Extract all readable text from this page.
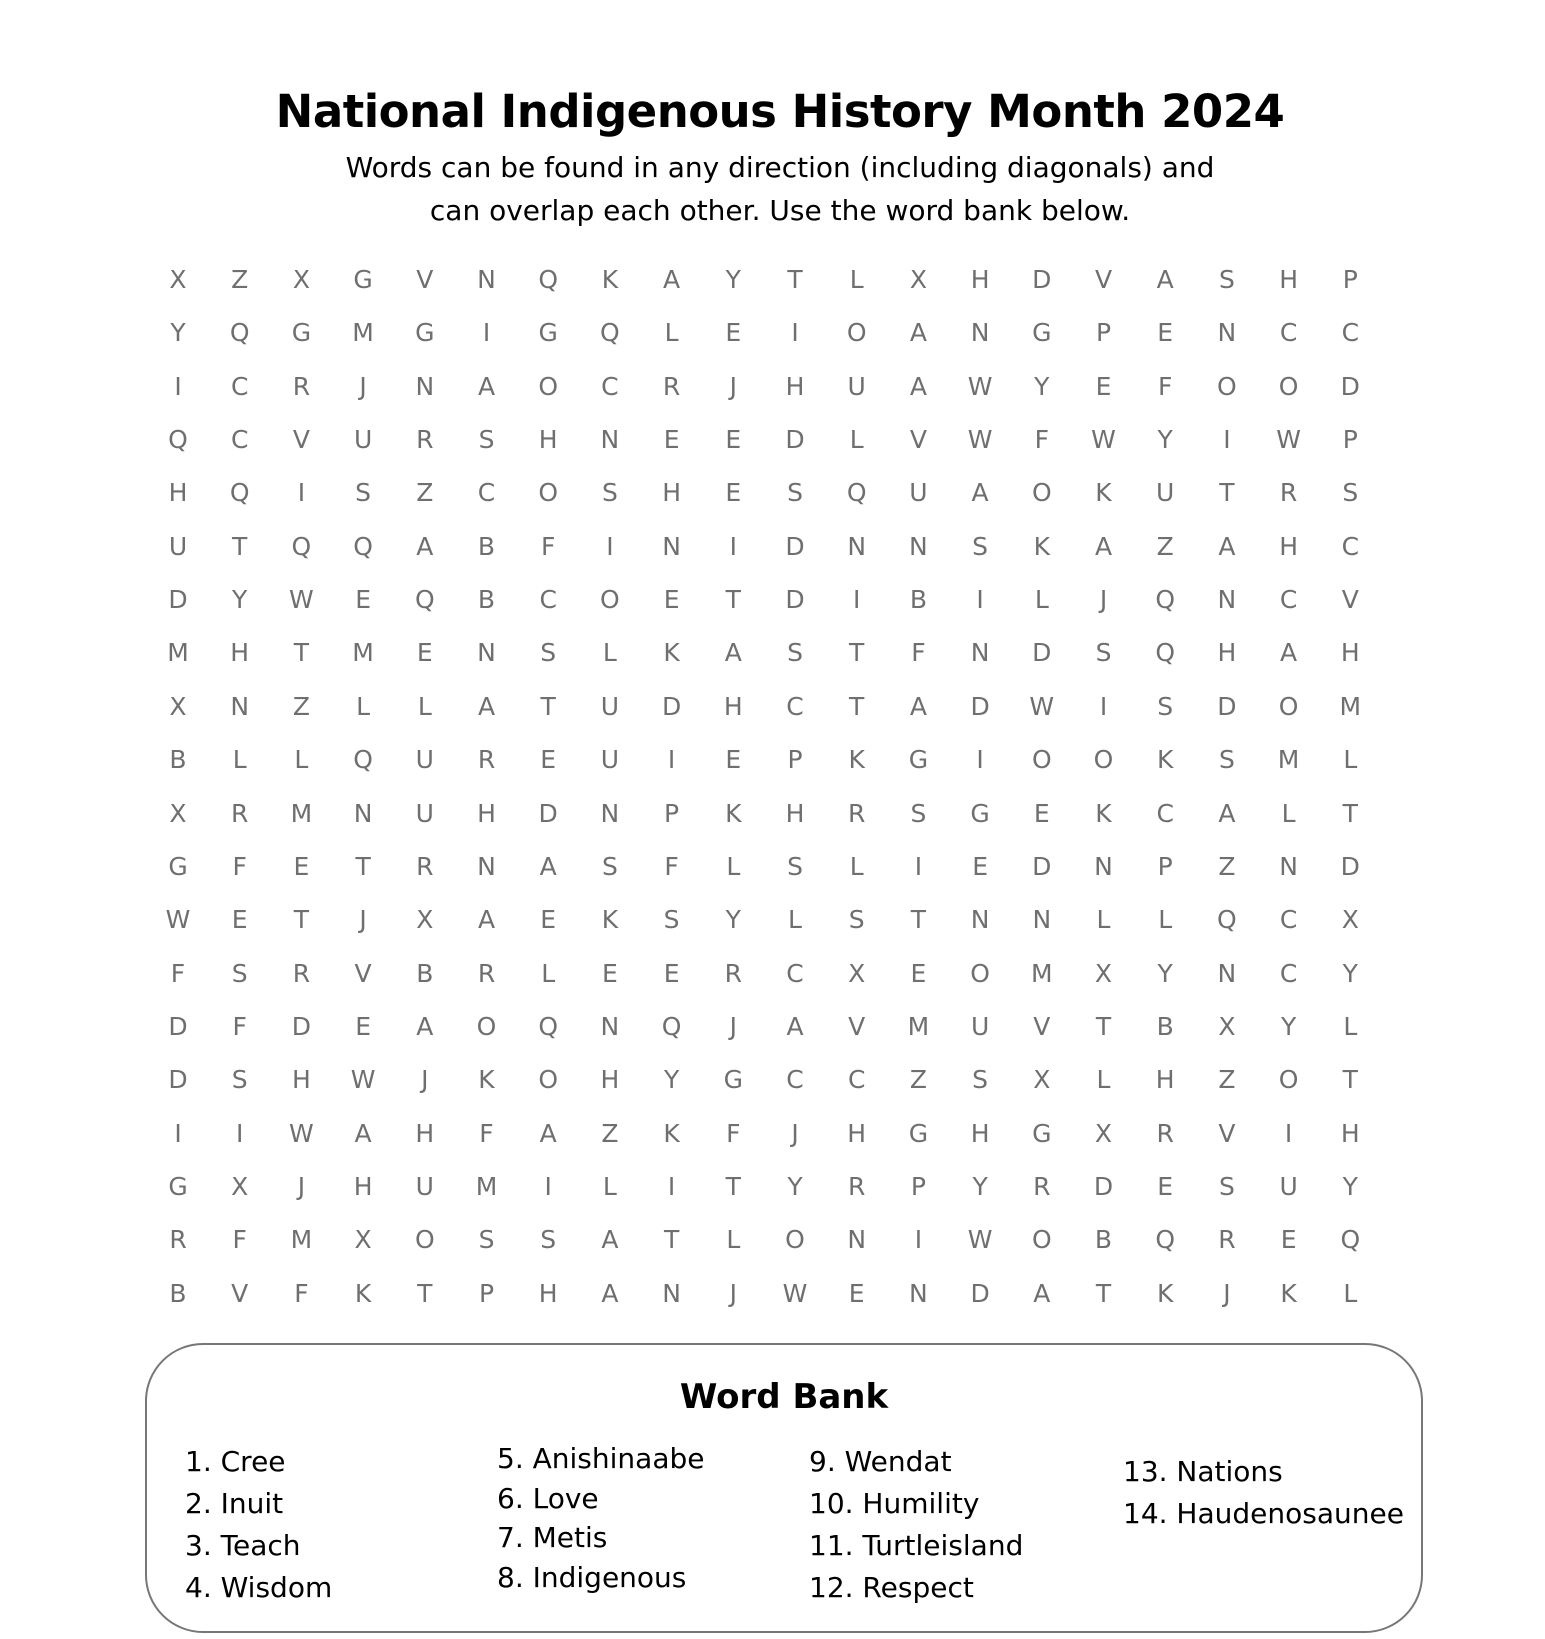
National Indigenous History Month 2024
Words can be found in any direction (including diagonals) and
can overlap each other. Use the word bank below.
X	Z	X	G	V	N	Q	K	A	Y	T	L	X	H	D	V	A	S	H	P
Y	Q	G	M	G	I	G	Q	L	E	I	O	A	N	G	P	E	N	C	C
I	C	R	J	N	A	O	C	R	J	H	U	A	W	Y	E	F	O	O	D
Q	C	V	U	R	S	H	N	E	E	D	L	V	W	F	W	Y	I	W	P
H	Q	I	S	Z	C	O	S	H	E	S	Q	U	A	O	K	U	T	R	S
U	T	Q	Q	A	B	F	I	N	I	D	N	N	S	K	A	Z	A	H	C
D	Y	W	E	Q	B	C	O	E	T	D	I	B	I	L	J	Q	N	C	V
M	H	T	M	E	N	S	L	K	A	S	T	F	N	D	S	Q	H	A	H
X	N	Z	L	L	A	T	U	D	H	C	T	A	D	W	I	S	D	O	M
B	L	L	Q	U	R	E	U	I	E	P	K	G	I	O	O	K	S	M	L
X	R	M	N	U	H	D	N	P	K	H	R	S	G	E	K	C	A	L	T
G	F	E	T	R	N	A	S	F	L	S	L	I	E	D	N	P	Z	N	D
W	E	T	J	X	A	E	K	S	Y	L	S	T	N	N	L	L	Q	C	X
F	S	R	V	B	R	L	E	E	R	C	X	E	O	M	X	Y	N	C	Y
D	F	D	E	A	O	Q	N	Q	J	A	V	M	U	V	T	B	X	Y	L
D	S	H	W	J	K	O	H	Y	G	C	C	Z	S	X	L	H	Z	O	T
I	I	W	A	H	F	A	Z	K	F	J	H	G	H	G	X	R	V	I	H
G	X	J	H	U	M	I	L	I	T	Y	R	P	Y	R	D	E	S	U	Y
R	F	M	X	O	S	S	A	T	L	O	N	I	W	O	B	Q	R	E	Q
B	V	F	K	T	P	H	A	N	J	W	E	N	D	A	T	K	J	K	L
Word Bank
1. Cree
2. Inuit
3. Teach
4. Wisdom
5. Anishinaabe
6. Love
7. Metis
8. Indigenous
9. Wendat
10. Humility
11. Turtleisland
12. Respect
13. Nations
14. Haudenosaunee
